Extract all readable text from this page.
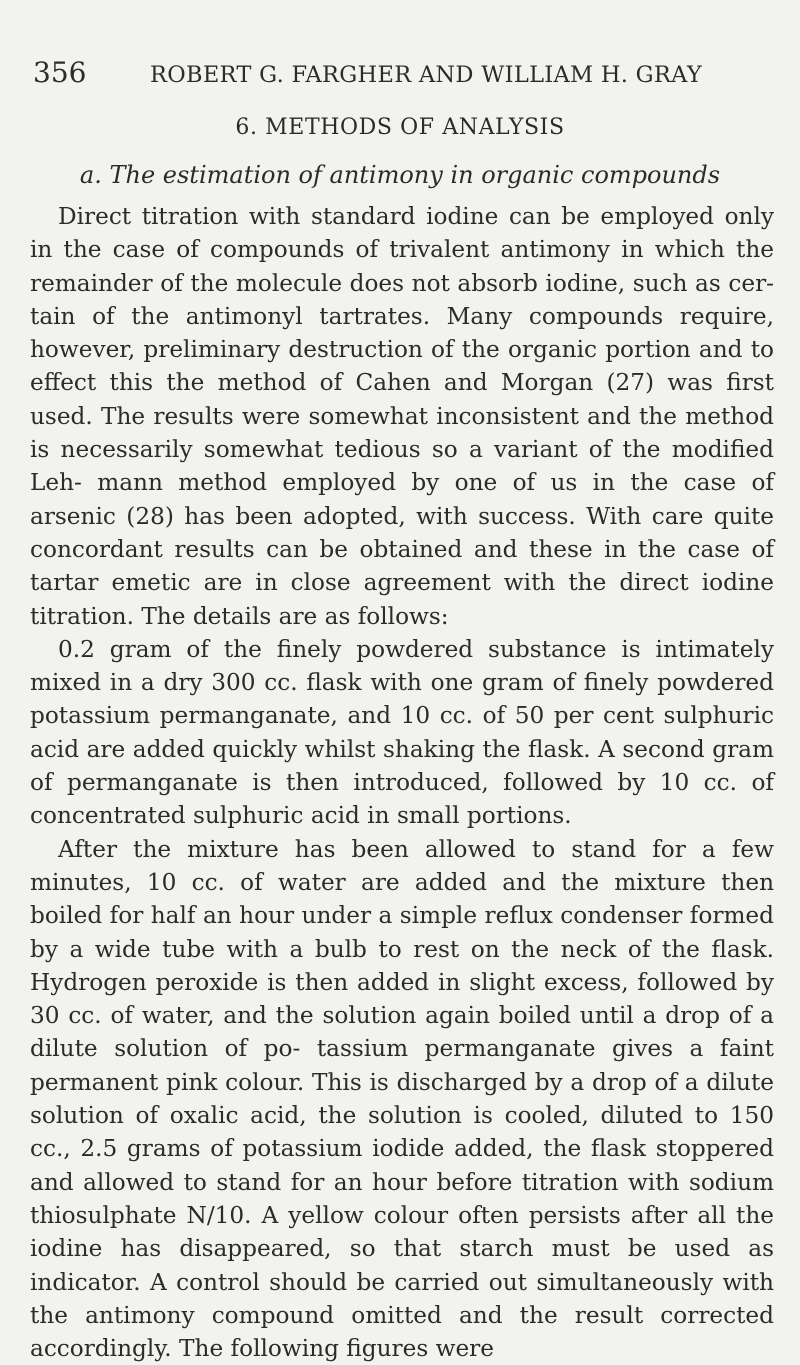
356	ROBERT G. FARGHER AND WILLIAM H. GRAY
6. METHODS OF ANALYSIS
a. The estimation of antimony in organic compounds

Direct titration with standard iodine can be employed only in the case of compounds of trivalent antimony in which the remainder of the molecule does not absorb iodine, such as cer- tain of the antimonyl tartrates. Many compounds require, however, preliminary destruction of the organic portion and to effect this the method of Cahen and Morgan (27) was first used. The results were somewhat inconsistent and the method is necessarily somewhat tedious so a variant of the modified Leh- mann method employed by one of us in the case of arsenic (28) has been adopted, with success. With care quite concordant results can be obtained and these in the case of tartar emetic are in close agreement with the direct iodine titration. The details are as follows:

0.2 gram of the finely powdered substance is intimately mixed in a dry 300 cc. flask with one gram of finely powdered potassium permanganate, and 10 cc. of 50 per cent sulphuric acid are added quickly whilst shaking the flask. A second gram of permanganate is then introduced, followed by 10 cc. of concentrated sulphuric acid in small portions.

After the mixture has been allowed to stand for a few minutes, 10 cc. of water are added and the mixture then boiled for half an hour under a simple reflux condenser formed by a wide tube with a bulb to rest on the neck of the flask. Hydrogen peroxide is then added in slight excess, followed by 30 cc. of water, and the solution again boiled until a drop of a dilute solution of po- tassium permanganate gives a faint permanent pink colour. This is discharged by a drop of a dilute solution of oxalic acid, the solution is cooled, diluted to 150 cc., 2.5 grams of potassium iodide added, the flask stoppered and allowed to stand for an hour before titration with sodium thiosulphate N/10. A yellow colour often persists after all the iodine has disappeared, so that starch must be used as indicator. A control should be carried out simultaneously with the antimony compound omitted and the result corrected accordingly. The following figures were
